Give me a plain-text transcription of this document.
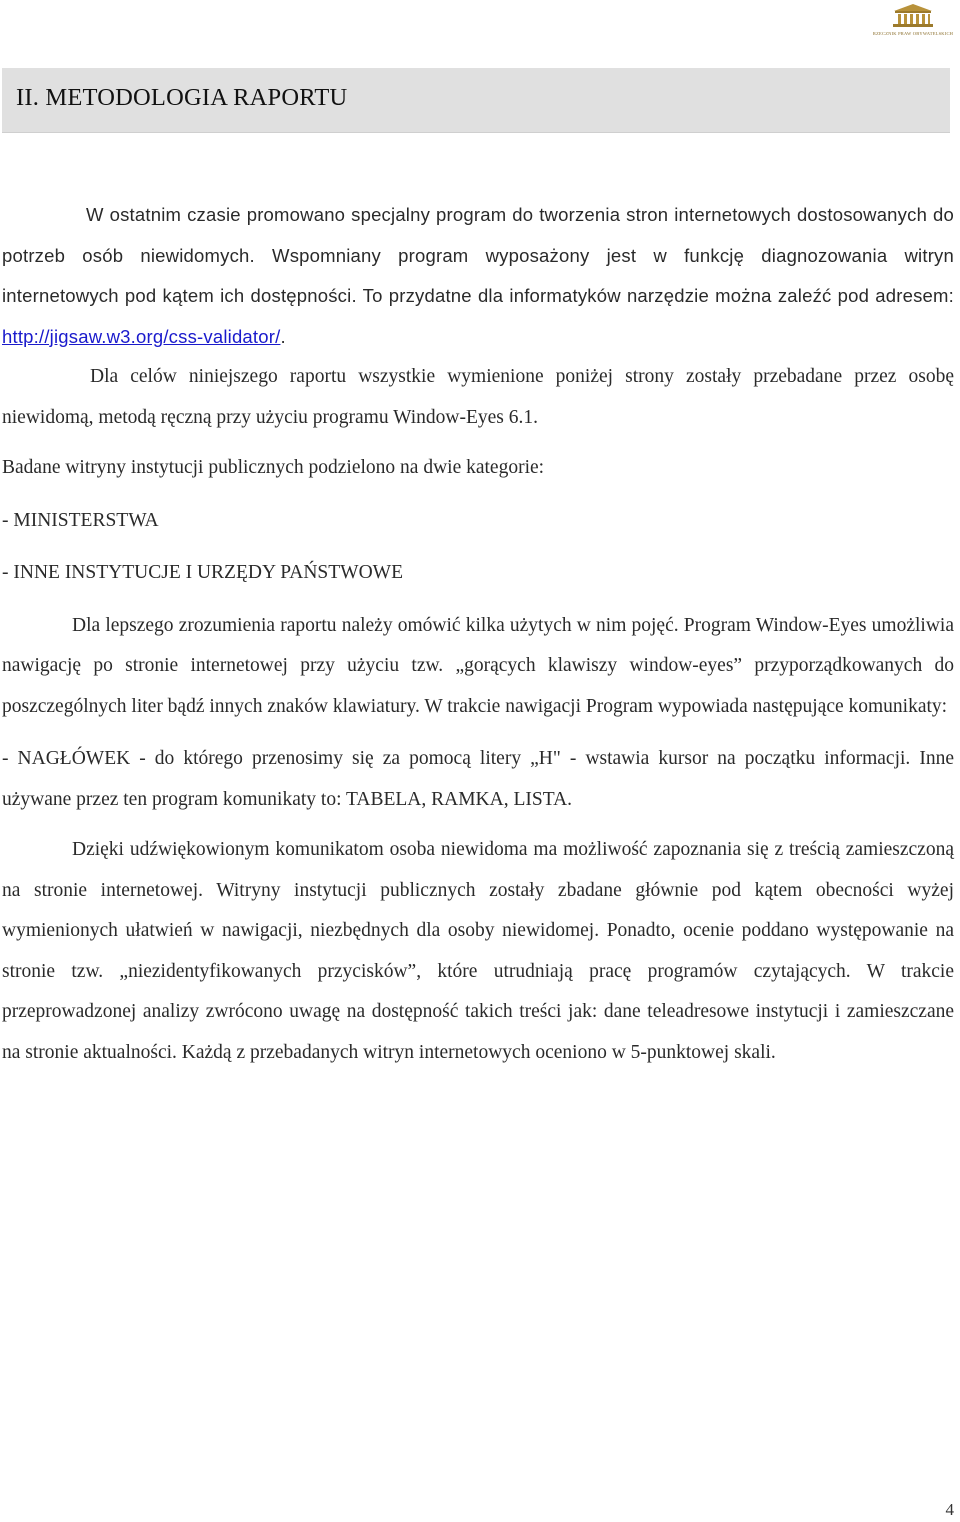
RZECZNIK PRAW OBYWATELSKICH
II. METODOLOGIA RAPORTU

W ostatnim czasie promowano specjalny program do tworzenia stron internetowych dostosowanych do potrzeb osób niewidomych. Wspomniany program wyposażony jest w funkcję diagnozowania witryn internetowych pod kątem ich dostępności. To przydatne dla informatyków narzędzie można zaleźć pod adresem: http://jigsaw.w3.org/css-validator/.

Dla celów niniejszego raportu wszystkie wymienione poniżej strony zostały przebadane przez osobę niewidomą, metodą ręczną przy użyciu programu Window-Eyes 6.1.

Badane witryny instytucji publicznych podzielono na dwie kategorie:

- MINISTERSTWA

- INNE INSTYTUCJE I URZĘDY PAŃSTWOWE

Dla lepszego zrozumienia raportu należy omówić kilka użytych w nim pojęć. Program Window-Eyes umożliwia nawigację po stronie internetowej przy użyciu tzw. „gorących klawiszy window-eyes” przyporządkowanych do poszczególnych liter bądź innych znaków klawiatury. W trakcie nawigacji Program wypowiada następujące komunikaty:

- NAGŁÓWEK - do którego przenosimy się za pomocą litery „H" - wstawia kursor na początku informacji. Inne używane przez ten program komunikaty to: TABELA, RAMKA, LISTA.

Dzięki udźwiękowionym komunikatom osoba niewidoma ma możliwość zapoznania się z treścią zamieszczoną na stronie internetowej. Witryny instytucji publicznych zostały zbadane głównie pod kątem obecności wyżej wymienionych ułatwień w nawigacji, niezbędnych dla osoby niewidomej. Ponadto, ocenie poddano występowanie na stronie tzw. „niezidentyfikowanych przycisków”, które utrudniają pracę programów czytających. W trakcie przeprowadzonej analizy zwrócono uwagę na dostępność takich treści jak: dane teleadresowe instytucji i zamieszczane na stronie aktualności. Każdą z przebadanych witryn internetowych oceniono w 5-punktowej skali.

4
